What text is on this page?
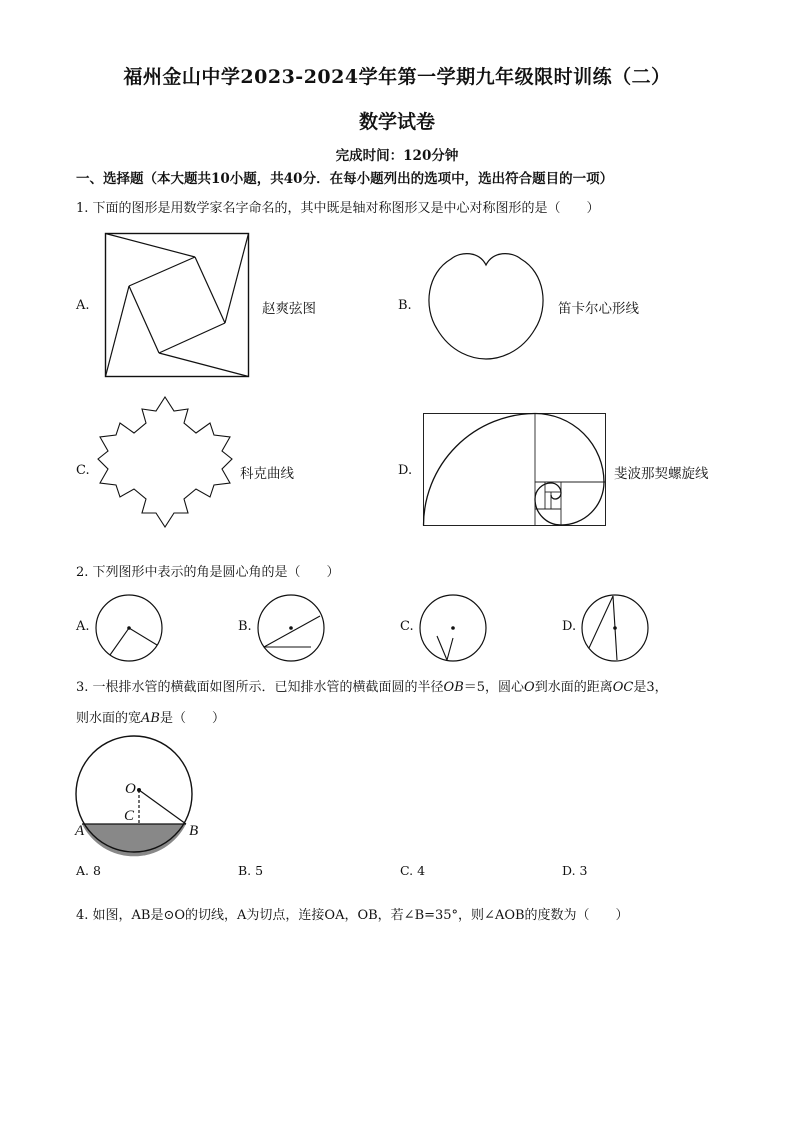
福州金山中学2023-2024学年第一学期九年级限时训练（二）
数学试卷
完成时间：120分钟
一、选择题（本大题共10小题，共40分．在每小题列出的选项中，选出符合题目的一项）
1. 下面的图形是用数学家名字命名的，其中既是轴对称图形又是中心对称图形的是（　　）
A.	赵爽弦图	B.	笛卡尔心形线
C.	科克曲线	D.	斐波那契螺旋线
2. 下列图形中表示的角是圆心角的是（　　）
A.	B.	C.	D.
3. 一根排水管的横截面如图所示．已知排水管的横截面圆的半径OB＝5，圆心O到水面的距离OC是3，
则水面的宽AB是（　　）
O
C
A	B
A. 8	B. 5	C. 4	D. 3
4. 如图，AB是⊙O的切线，A为切点，连接OA，OB，若∠B=35°，则∠AOB的度数为（　　）
